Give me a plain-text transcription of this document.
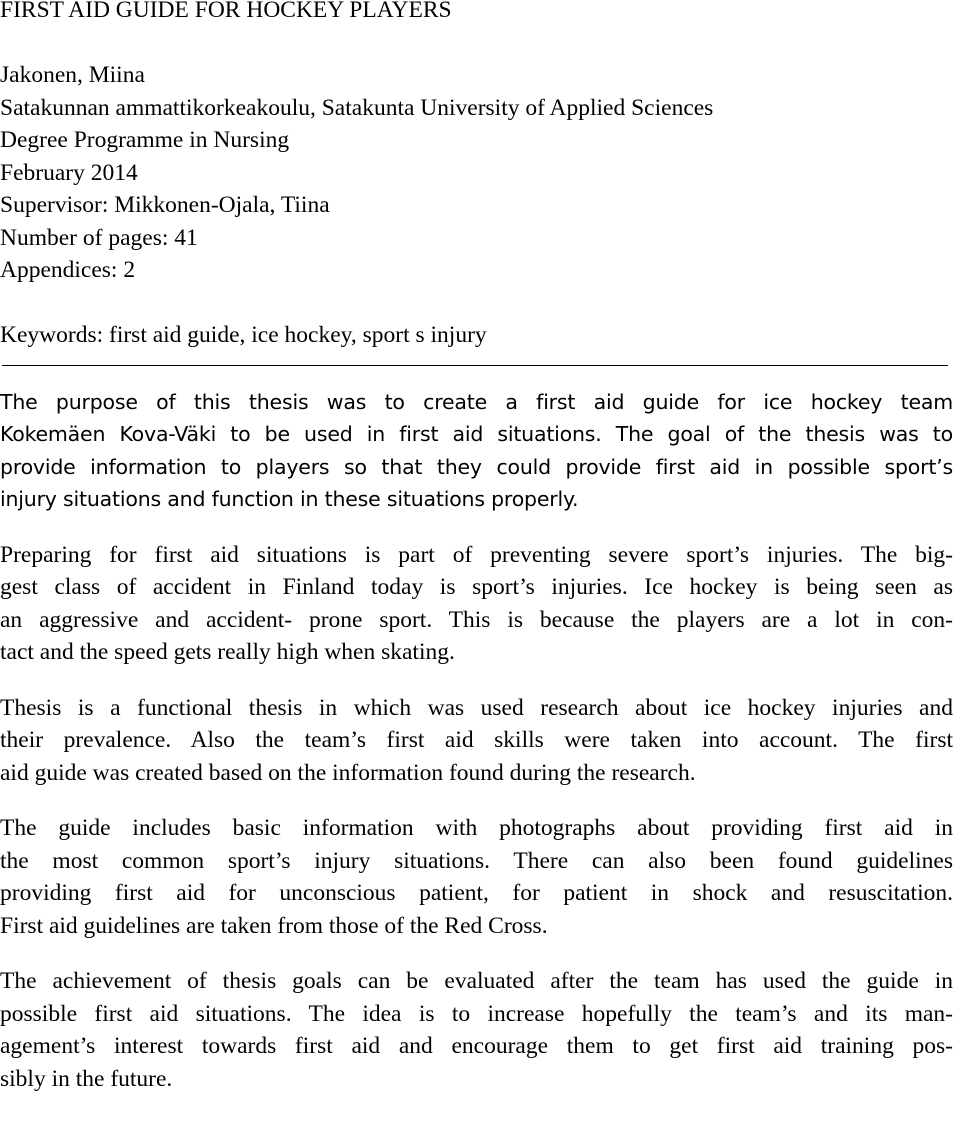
FIRST AID GUIDE FOR HOCKEY PLAYERS
Jakonen, Miina
Satakunnan ammattikorkeakoulu, Satakunta University of Applied Sciences
Degree Programme in Nursing
February 2014
Supervisor: Mikkonen-Ojala, Tiina
Number of pages: 41
Appendices: 2
Keywords: first aid guide, ice hockey, sport s injury
The purpose of this thesis was to create a first aid guide for ice hockey team
Kokemäen Kova-Väki to be used in first aid situations. The goal of the thesis was to
provide information to players so that they could provide first aid in possible sport’s
injury situations and function in these situations properly.
Preparing for first aid situations is part of preventing severe sport’s injuries. The big-
gest class of accident in Finland today is sport’s injuries. Ice hockey is being seen as
an aggressive and accident- prone sport. This is because the players are a lot in con-
tact and the speed gets really high when skating.
Thesis is a functional thesis in which was used research about ice hockey injuries and
their prevalence. Also the team’s first aid skills were taken into account. The first
aid guide was created based on the information found during the research.
The guide includes basic information with photographs about providing first aid in
the most common sport’s injury situations. There can also been found guidelines
providing first aid for unconscious patient, for patient in shock and resuscitation.
First aid guidelines are taken from those of the Red Cross.
The achievement of thesis goals can be evaluated after the team has used the guide in
possible first aid situations. The idea is to increase hopefully the team’s and its man-
agement’s interest towards first aid and encourage them to get first aid training pos-
sibly in the future.
